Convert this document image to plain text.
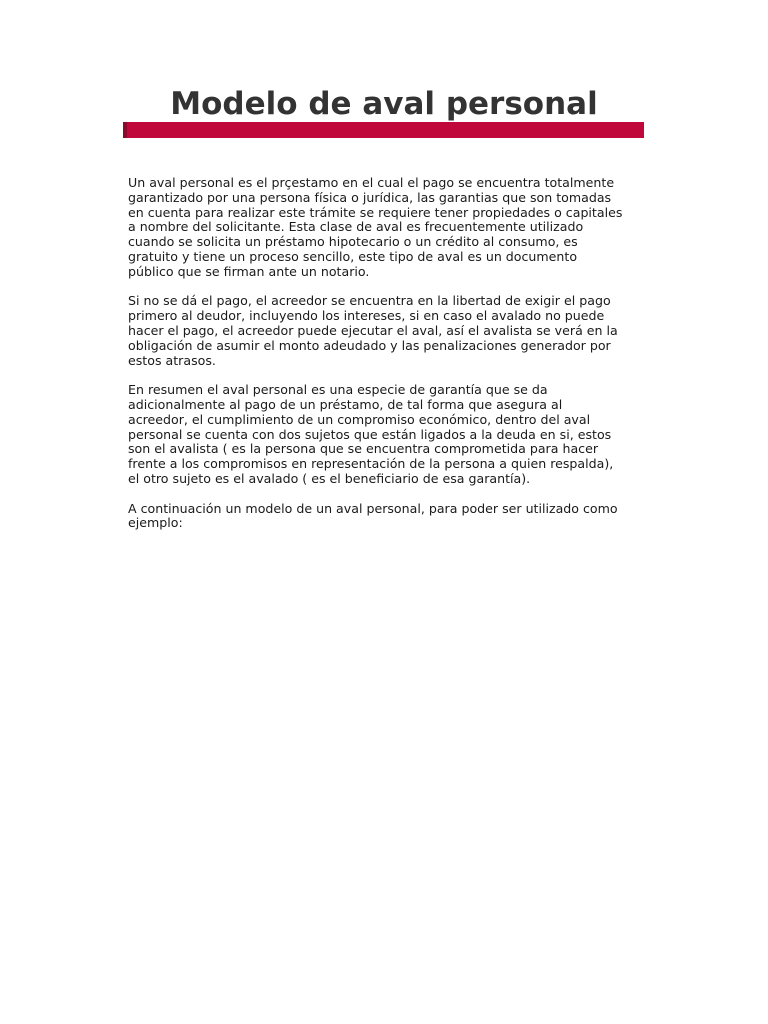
Modelo de aval personal

Un aval personal es el prçestamo en el cual el pago se encuentra totalmente
garantizado por una persona física o jurídica, las garantias que son tomadas
en cuenta para realizar este trámite se requiere tener propiedades o capitales
a nombre del solicitante. Esta clase de aval es frecuentemente utilizado
cuando se solicita un préstamo hipotecario o un crédito al consumo, es
gratuito y tiene un proceso sencillo, este tipo de aval es un documento
público que se firman ante un notario.

Si no se dá el pago, el acreedor se encuentra en la libertad de exigir el pago
primero al deudor, incluyendo los intereses, si en caso el avalado no puede
hacer el pago, el acreedor puede ejecutar el aval, así el avalista se verá en la
obligación de asumir el monto adeudado y las penalizaciones generador por
estos atrasos.

En resumen el aval personal es una especie de garantía que se da
adicionalmente al pago de un préstamo, de tal forma que asegura al
acreedor, el cumplimiento de un compromiso económico, dentro del aval
personal se cuenta con dos sujetos que están ligados a la deuda en si, estos
son el avalista ( es la persona que se encuentra comprometida para hacer
frente a los compromisos en representación de la persona a quien respalda),
el otro sujeto es el avalado ( es el beneficiario de esa garantía).

A continuación un modelo de un aval personal, para poder ser utilizado como
ejemplo:
